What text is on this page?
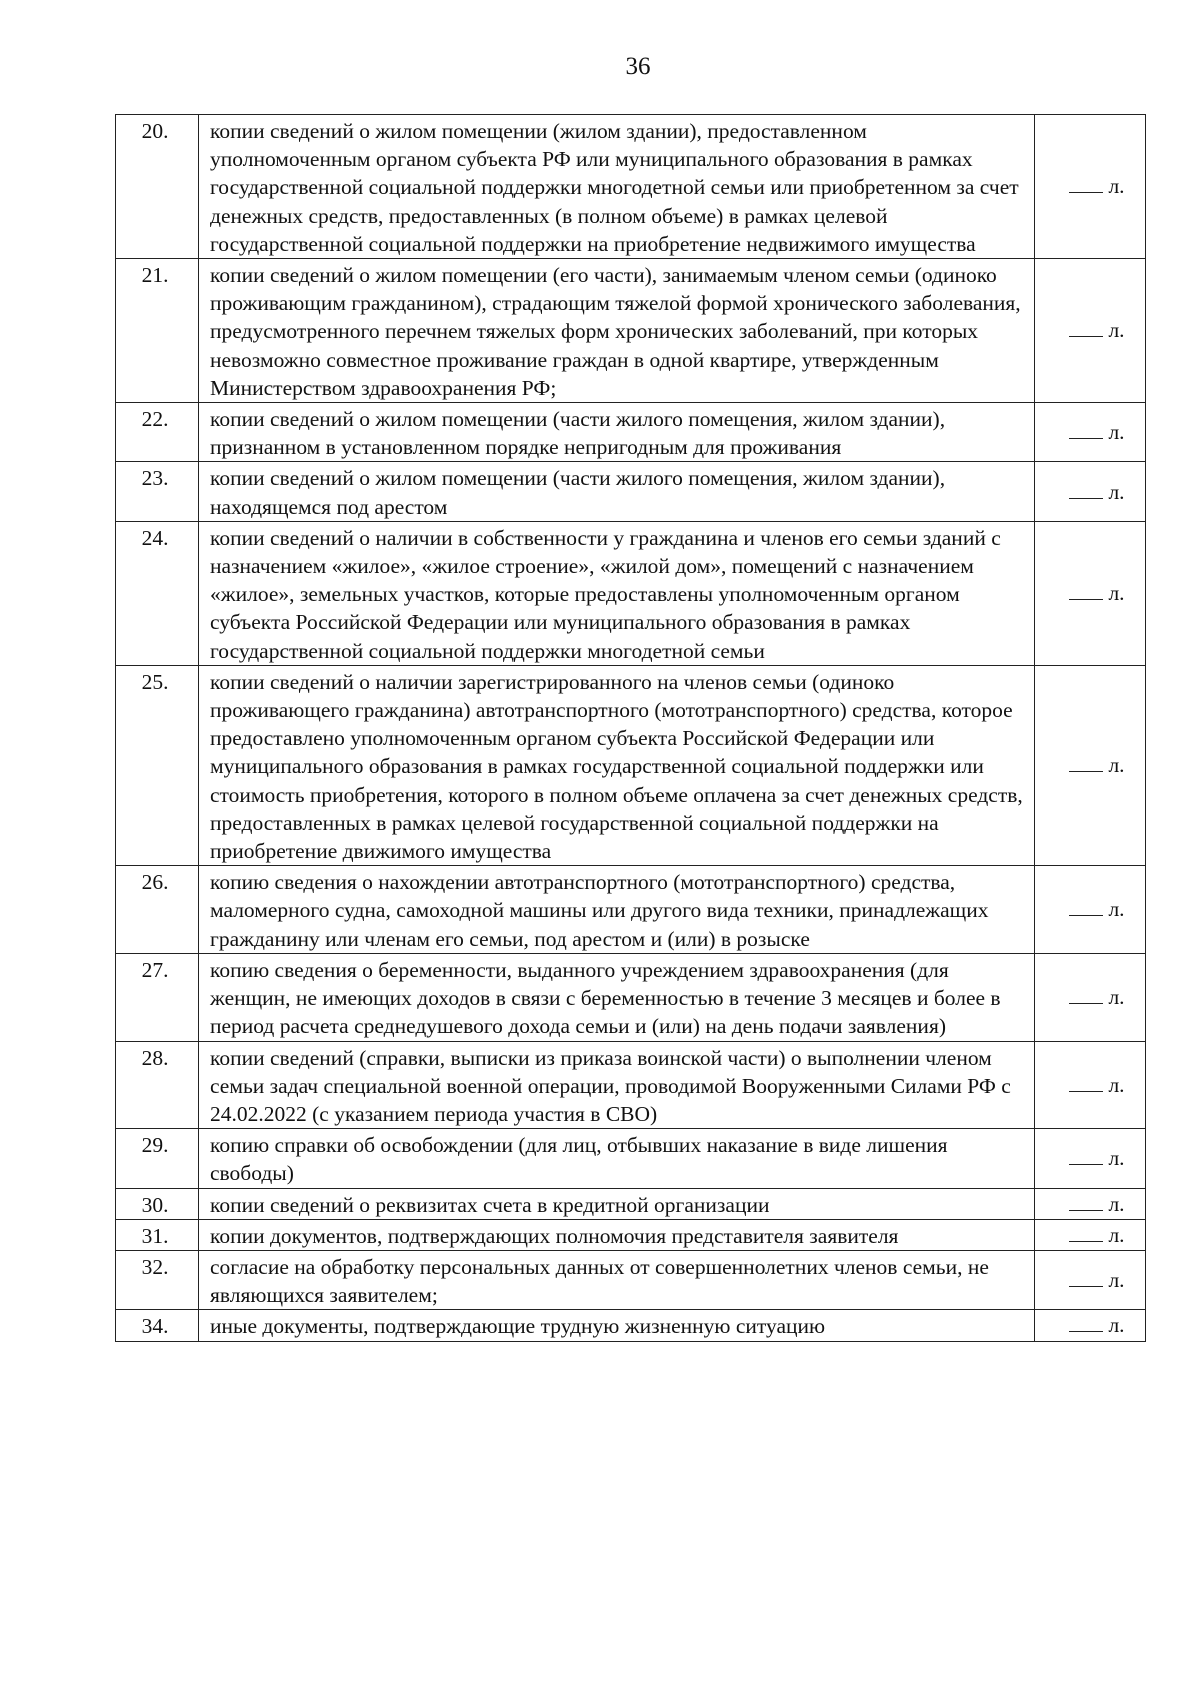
36
20.	копии сведений о жилом помещении (жилом здании), предоставленном уполномоченным органом субъекта РФ или муниципального образования в рамках государственной социальной поддержки многодетной семьи или приобретенном за счет денежных средств, предоставленных (в полном объеме) в рамках целевой государственной социальной поддержки на приобретение недвижимого имущества	л.
21.	копии сведений о жилом помещении (его части), занимаемым членом семьи (одиноко проживающим гражданином), страдающим тяжелой формой хронического заболевания, предусмотренного перечнем тяжелых форм хронических заболеваний, при которых невозможно совместное проживание граждан в одной квартире, утвержденным Министерством здравоохранения РФ;	л.
22.	копии сведений о жилом помещении (части жилого помещения, жилом здании), признанном в установленном порядке непригодным для проживания	л.
23.	копии сведений о жилом помещении (части жилого помещения, жилом здании), находящемся под арестом	л.
24.	копии сведений о наличии в собственности у гражданина и членов его семьи зданий с назначением «жилое», «жилое строение», «жилой дом», помещений с назначением «жилое», земельных участков, которые предоставлены уполномоченным органом субъекта Российской Федерации или муниципального образования в рамках государственной социальной поддержки многодетной семьи	л.
25.	копии сведений о наличии зарегистрированного на членов семьи (одиноко проживающего гражданина) автотранспортного (мототранспортного) средства, которое предоставлено уполномоченным органом субъекта Российской Федерации или муниципального образования в рамках государственной социальной поддержки или стоимость приобретения, которого в полном объеме оплачена за счет денежных средств, предоставленных в рамках целевой государственной социальной поддержки на приобретение движимого имущества	л.
26.	копию сведения о нахождении автотранспортного (мототранспортного) средства, маломерного судна, самоходной машины или другого вида техники, принадлежащих гражданину или членам его семьи, под арестом и (или) в розыске	л.
27.	копию сведения о беременности, выданного учреждением здравоохранения (для женщин, не имеющих доходов в связи с беременностью в течение 3 месяцев и более в период расчета среднедушевого дохода семьи и (или) на день подачи заявления)	л.
28.	копии сведений (справки, выписки из приказа воинской части) о выполнении членом семьи задач специальной военной операции, проводимой Вооруженными Силами РФ с 24.02.2022 (с указанием периода участия в СВО)	л.
29.	копию справки об освобождении (для лиц, отбывших наказание в виде лишения свободы)	л.
30.	копии сведений о реквизитах счета в кредитной организации	л.
31.	копии документов, подтверждающих полномочия представителя заявителя	л.
32.	согласие на обработку персональных данных от совершеннолетних членов семьи, не являющихся заявителем;	л.
34.	иные документы, подтверждающие трудную жизненную ситуацию	л.
